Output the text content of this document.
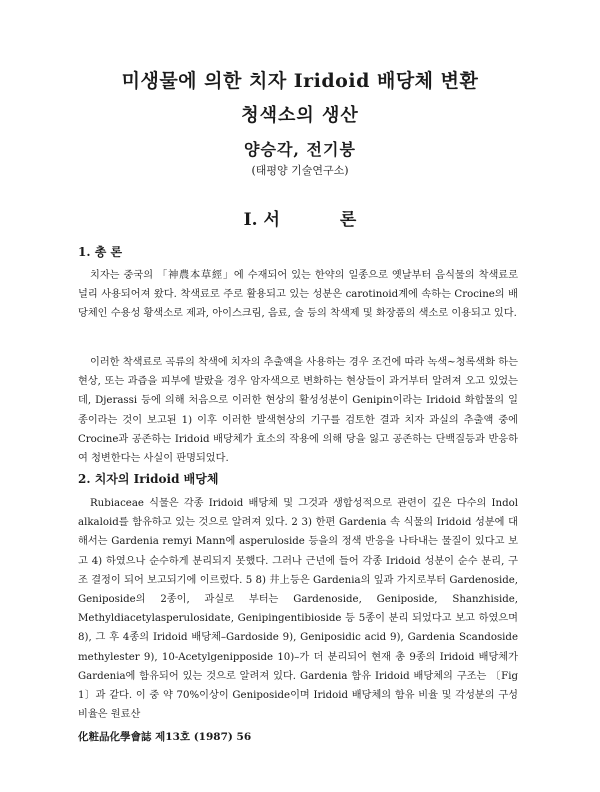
미생물에 의한 치자 Iridoid 배당체 변환
청색소의 생산
양승각, 전기붕
(태평양 기술연구소)
I. 서	론
1. 총 론

치자는 중국의 「神農本草經」에 수재되어 있는 한약의 일종으로 옛날부터 음식물의 착색료로 널리 사용되어져 왔다. 착색료로 주로 활용되고 있는 성분은 carotinoid계에 속하는 Crocine의 배당체인 수용성 황색소로 제과, 아이스크림, 음료, 술 등의 착색제 및 화장품의 색소로 이용되고 있다.

이러한 착색료로 곡류의 착색에 치자의 추출액을 사용하는 경우 조건에 따라 녹색~청록색화 하는 현상, 또는 과즙을 피부에 발랐을 경우 암자색으로 변화하는 현상들이 과거부터 알려져 오고 있었는데, Djerassi 등에 의해 처음으로 이러한 현상의 활성성분이 Genipin이라는 Iridoid 화합물의 일종이라는 것이 보고된 1) 이후 이러한 발색현상의 기구를 검토한 결과 치자 과실의 추출액 중에 Crocine과 공존하는 Iridoid 배당체가 효소의 작용에 의해 당을 잃고 공존하는 단백질등과 반응하여 청변한다는 사실이 판명되었다.

2. 치자의 Iridoid 배당체

Rubiaceae 식물은 각종 Iridoid 배당체 및 그것과 생합성적으로 관련이 깊은 다수의 Indol alkaloid를 함유하고 있는 것으로 알려져 있다. 2 3) 한편 Gardenia 속 식물의 Iridoid 성분에 대해서는 Gardenia remyi Mann에 asperuloside 등을의 정색 반응을 나타내는 물질이 있다고 보고 4) 하였으나 순수하게 분리되지 못했다. 그러나 근년에 들어 각종 Iridoid 성분이 순수 분리, 구조 결정이 되어 보고되기에 이르렀다. 5 8) 井上등은 Gardenia의 잎과 가지로부터 Gardenoside, Geniposide의 2종이, 과실로 부터는 Gardenoside, Geniposide, Shanzhiside, Methyldiacetylasperulosidate, Genipingentibioside 등 5종이 분리 되었다고 보고 하였으며 8), 그 후 4종의 Iridoid 배당체–Gardoside 9), Geniposidic acid 9), Gardenia Scandoside methylester 9), 10-Acetylgenipposide 10)–가 더 분리되어 현재 총 9종의 Iridoid 배당체가 Gardenia에 함유되어 있는 것으로 알려져 있다. Gardenia 함유 Iridoid 배당체의 구조는 〔Fig 1〕과 같다. 이 중 약 70%이상이 Geniposide이며 Iridoid 배당체의 함유 비율 및 각성분의 구성비율은 원료산

化粧品化學會誌 제13호 (1987) 56
